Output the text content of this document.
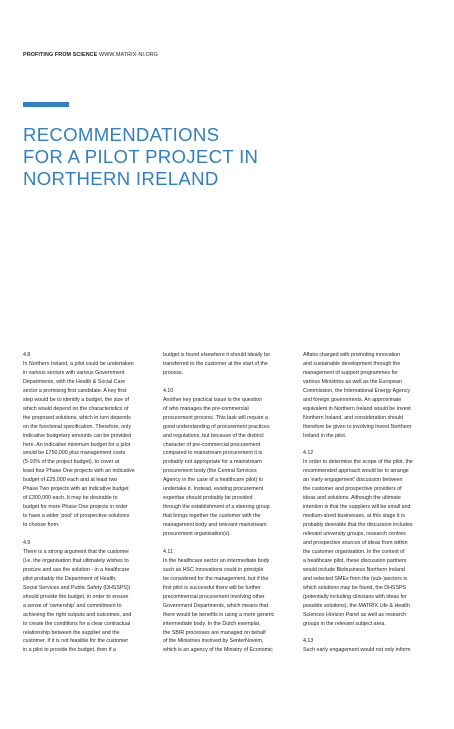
PROFITING FROM SCIENCE WWW.MATRIX-NI.ORG
RECOMMENDATIONS
FOR A PILOT PROJECT IN
NORTHERN IRELAND

4.8

In Northern Ireland, a pilot could be undertaken

in various sectors with various Government

Departments, with the Health & Social Care

sector a promising first candidate. A key first

step would be to identify a budget, the size of

which would depend on the characteristics of

the proposed solutions, which in turn depends

on the functional specification. Therefore, only

indicative budgetary amounts can be provided

here. An indicative minimum budget for a pilot

would be £750,000 plus management costs

(5-10% of the project budget), to cover at

least four Phase One projects with an indicative

budget of £25,000 each and at least two

Phase Two projects with an indicative budget

of £300,000 each. It may be desirable to

budget for more Phase One projects in order

to have a wider 'pool' of prospective solutions

to choose from.

4.9

There is a strong argument that the customer

(i.e. the organisation that ultimately wishes to

procure and use the solution - in a healthcare

pilot probably the Department of Health,

Social Services and Public Safety (DHSSPS))

should provide the budget, in order to ensure

a sense of 'ownership' and commitment to

achieving the right outputs and outcomes, and

to create the conditions for a clear contractual

relationship between the supplier and the

customer. If it is not feasible for the customer

in a pilot to provide the budget, then if a

budget is found elsewhere it should ideally be

transferred to the customer at the start of the

process.

4.10

Another key practical issue is the question

of who manages the pre-commercial

procurement process. This task will require a

good understanding of procurement practices

and regulations, but because of the distinct

character of pre-commercial procurement

compared to mainstream procurement it is

probably not appropriate for a mainstream

procurement body (the Central Services

Agency in the case of a healthcare pilot) to

undertake it. Instead, existing procurement

expertise should probably be provided

through the establishment of a steering group

that brings together the customer with the

management body and relevant mainstream

procurement organisation(s).

4.11

In the healthcare sector an intermediate body

such as HSC Innovations could in principle

be considered for the management, but if the

first pilot is successful there will be further

precommercial procurement involving other

Government Departments, which means that

there would be benefits in using a more generic

intermediate body. In the Dutch exemplar,

the SBIR processes are managed on behalf

of the Ministries involved by SenterNovem,

which is an agency of the Ministry of Economic

Affairs charged with promoting innovation

and sustainable development through the

management of support programmes for

various Ministries as well as the European

Commission, the International Energy Agency

and foreign governments. An approximate

equivalent in Northern Ireland would be Invest

Northern Ireland, and consideration should

therefore be given to involving Invest Northern

Ireland in the pilot.

4.12

In order to determine the scope of the pilot, the

recommended approach would be to arrange

an 'early engagement' discussion between

the customer and prospective providers of

ideas and solutions. Although the ultimate

intention is that the suppliers will be small and

medium-sized businesses, at this stage it is

probably desirable that the discussion includes

relevant university groups, research centres

and prospective sources of ideas from within

the customer organisation. In the context of

a healthcare pilot, these discussion partners

would include Biobusiness Northern Ireland

and selected SMEs from the (sub-)sectors in

which solutions may be found, the DHSSPS

(potentially including clinicians with ideas for

possible solutions), the MATRIX Life & Health

Sciences Horizon Panel as well as research

groups in the relevant subject area.

4.13

Such early engagement would not only inform
